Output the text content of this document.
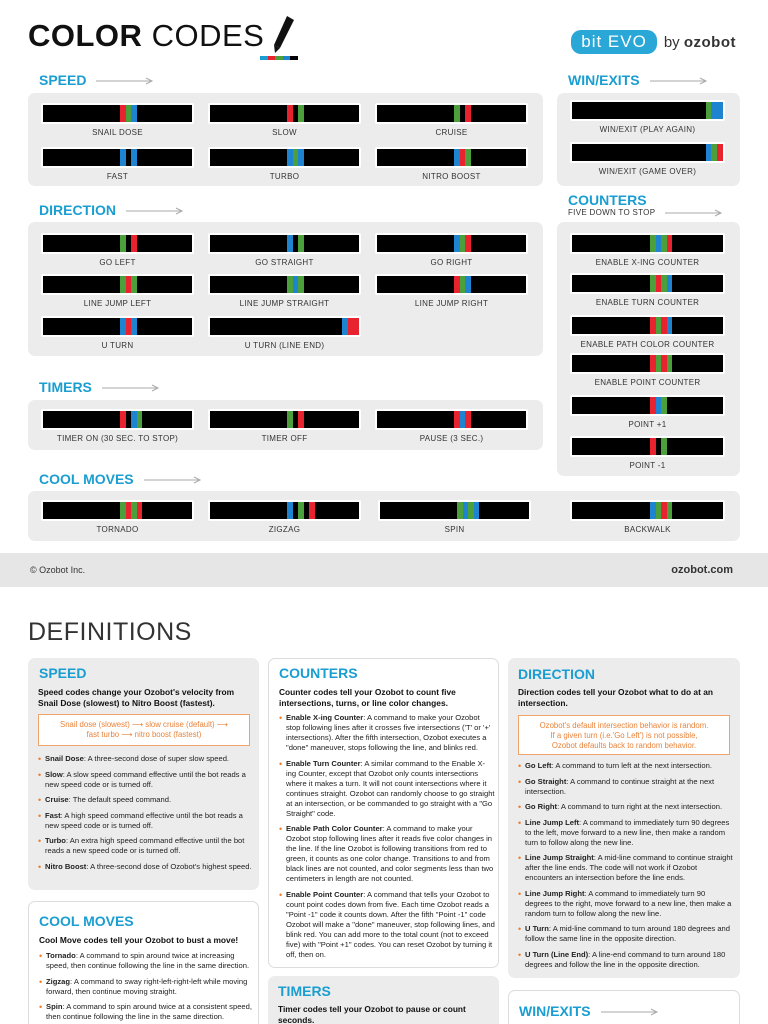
COLOR CODES	bit EVO	by ozobot
SPEED
DIRECTION
TIMERS
COOL MOVES
WIN/EXITS
COUNTERS
FIVE DOWN TO STOP
SNAIL DOSE	SLOW	CRUISE
FAST	TURBO	NITRO BOOST
GO LEFT	GO STRAIGHT	GO RIGHT
LINE JUMP LEFT	LINE JUMP STRAIGHT	LINE JUMP RIGHT
U TURN	U TURN (LINE END)
TIMER ON (30 SEC. TO STOP)	TIMER OFF	PAUSE (3 SEC.)
TORNADO	ZIGZAG	SPIN	BACKWALK
WIN/EXIT (PLAY AGAIN)
WIN/EXIT (GAME OVER)
ENABLE X-ING COUNTER
ENABLE TURN COUNTER
ENABLE PATH COLOR COUNTER
ENABLE POINT COUNTER
POINT +1
POINT -1
© Ozobot Inc.	ozobot.com
DEFINITIONS
SPEED
Speed codes change your Ozobot's velocity from Snail Dose (slowest) to Nitro Boost (fastest).
Snail dose (slowest) ⟶ slow cruise (default) ⟶
fast turbo ⟶ nitro boost (fastest)
• Snail Dose: A three-second dose of super slow speed.
• Slow: A slow speed command effective until the bot reads a new speed code or is turned off.
• Cruise: The default speed command.
• Fast: A high speed command effective until the bot reads a new speed code or is turned off.
• Turbo: An extra high speed command effective until the bot reads a new speed code or is turned off.
• Nitro Boost: A three-second dose of Ozobot's highest speed.
COOL MOVES
Cool Move codes tell your Ozobot to bust a move!
• Tornado: A command to spin around twice at increasing speed, then continue following the line in the same direction.
• Zigzag: A command to sway right-left-right-left while moving forward, then continue moving straight.
• Spin: A command to spin around twice at a consistent speed, then continue following the line in the same direction.
COUNTERS
Counter codes tell your Ozobot to count five intersections, turns, or line color changes.
• Enable X-ing Counter: A command to make your Ozobot stop following lines after it crosses five intersections ('T' or '+' intersections). After the fifth intersection, Ozobot executes a "done" maneuver, stops following the line, and blinks red.
• Enable Turn Counter: A similar command to the Enable X-ing Counter, except that Ozobot only counts intersections where it makes a turn. It will not count intersections where it continues straight. Ozobot can randomly choose to go straight at an intersection, or be commanded to go straight with a "Go Straight" code.
• Enable Path Color Counter: A command to make your Ozobot stop following lines after it reads five color changes in the line. If the line Ozobot is following transitions from red to green, it counts as one color change. Transitions to and from black lines are not counted, and color segments less than two centimeters in length are not counted.
• Enable Point Counter: A command that tells your Ozobot to count point codes down from five. Each time Ozobot reads a "Point -1" code it counts down. After the fifth "Point -1" code Ozobot will make a "done" maneuver, stop following lines, and blink red. You can add more to the total count (not to exceed five) with "Point +1" codes. You can reset Ozobot by turning it off, then on.
TIMERS
Timer codes tell your Ozobot to pause or count seconds.
DIRECTION
Direction codes tell your Ozobot what to do at an intersection.
Ozobot's default intersection behavior is random.
If a given turn (i.e.'Go Left') is not possible,
Ozobot defaults back to random behavior.
• Go Left: A command to turn left at the next intersection.
• Go Straight: A command to continue straight at the next intersection.
• Go Right: A command to turn right at the next intersection.
• Line Jump Left: A command to immediately turn 90 degrees to the left, move forward to a new line, then make a random turn to follow along the new line.
• Line Jump Straight: A mid-line command to continue straight after the line ends. The code will not work if Ozobot encounters an intersection before the line ends.
• Line Jump Right: A command to immediately turn 90 degrees to the right, move forward to a new line, then make a random turn to follow along the new line.
• U Turn: A mid-line command to turn around 180 degrees and follow the same line in the opposite direction.
• U Turn (Line End): A line-end command to turn around 180 degrees and follow the line in the opposite direction.
WIN/EXITS
